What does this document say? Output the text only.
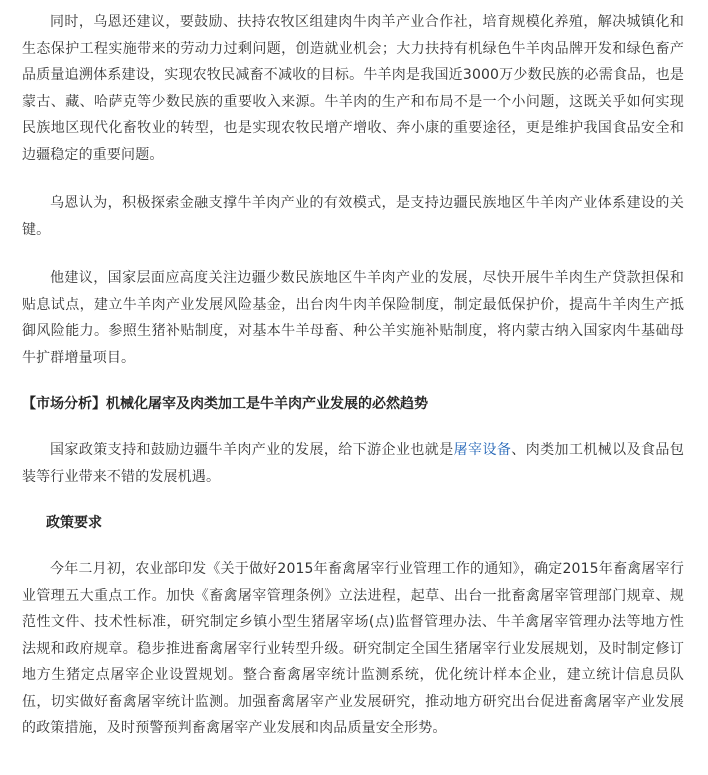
同时，乌恩还建议，要鼓励、扶持农牧区组建肉牛肉羊产业合作社，培育规模化养殖，解决城镇化和生态保护工程实施带来的劳动力过剩问题，创造就业机会；大力扶持有机绿色牛羊肉品牌开发和绿色畜产品质量追溯体系建设，实现农牧民减畜不减收的目标。牛羊肉是我国近3000万少数民族的必需食品，也是蒙古、藏、哈萨克等少数民族的重要收入来源。牛羊肉的生产和布局不是一个小问题，这既关乎如何实现民族地区现代化畜牧业的转型，也是实现农牧民增产增收、奔小康的重要途径，更是维护我国食品安全和边疆稳定的重要问题。

乌恩认为，积极探索金融支撑牛羊肉产业的有效模式，是支持边疆民族地区牛羊肉产业体系建设的关键。

他建议，国家层面应高度关注边疆少数民族地区牛羊肉产业的发展，尽快开展牛羊肉生产贷款担保和贴息试点，建立牛羊肉产业发展风险基金，出台肉牛肉羊保险制度，制定最低保护价，提高牛羊肉生产抵御风险能力。参照生猪补贴制度，对基本牛羊母畜、种公羊实施补贴制度，将内蒙古纳入国家肉牛基础母牛扩群增量项目。

【市场分析】机械化屠宰及肉类加工是牛羊肉产业发展的必然趋势

国家政策支持和鼓励边疆牛羊肉产业的发展，给下游企业也就是屠宰设备、肉类加工机械以及食品包装等行业带来不错的发展机遇。

政策要求

今年二月初，农业部印发《关于做好2015年畜禽屠宰行业管理工作的通知》，确定2015年畜禽屠宰行业管理五大重点工作。加快《畜禽屠宰管理条例》立法进程，起草、出台一批畜禽屠宰管理部门规章、规范性文件、技术性标准，研究制定乡镇小型生猪屠宰场(点)监督管理办法、牛羊禽屠宰管理办法等地方性法规和政府规章。稳步推进畜禽屠宰行业转型升级。研究制定全国生猪屠宰行业发展规划，及时制定修订地方生猪定点屠宰企业设置规划。整合畜禽屠宰统计监测系统，优化统计样本企业，建立统计信息员队伍，切实做好畜禽屠宰统计监测。加强畜禽屠宰产业发展研究，推动地方研究出台促进畜禽屠宰产业发展的政策措施，及时预警预判畜禽屠宰产业发展和肉品质量安全形势。
